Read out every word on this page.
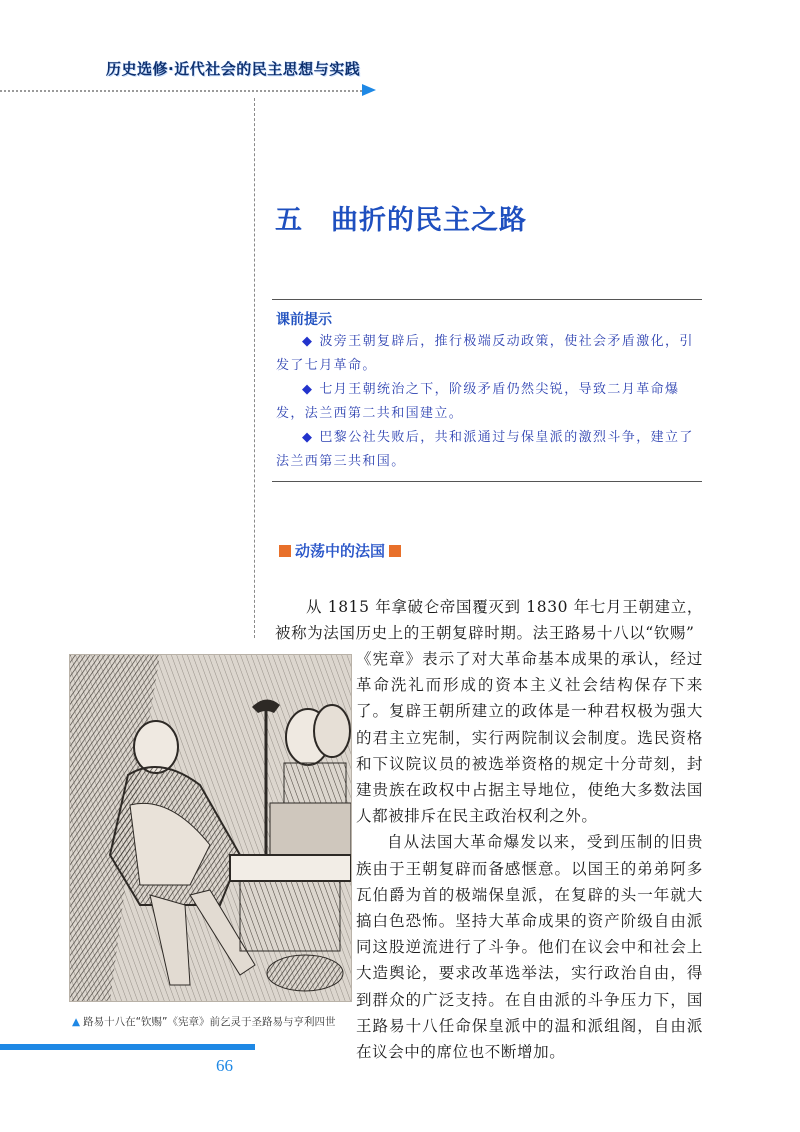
历史选修·近代社会的民主思想与实践
五　曲折的民主之路
课前提示

◆ 波旁王朝复辟后，推行极端反动政策，使社会矛盾激化，引发了七月革命。

◆ 七月王朝统治之下，阶级矛盾仍然尖锐，导致二月革命爆发，法兰西第二共和国建立。

◆ 巴黎公社失败后，共和派通过与保皇派的激烈斗争，建立了法兰西第三共和国。

动荡中的法国

从 1815 年拿破仑帝国覆灭到 1830 年七月王朝建立，被称为法国历史上的王朝复辟时期。法王路易十八以“钦赐”

《宪章》表示了对大革命基本成果的承认，经过革命洗礼而形成的资本主义社会结构保存下来了。复辟王朝所建立的政体是一种君权极为强大的君主立宪制，实行两院制议会制度。选民资格和下议院议员的被选举资格的规定十分苛刻，封建贵族在政权中占据主导地位，使绝大多数法国人都被排斥在民主政治权利之外。

自从法国大革命爆发以来，受到压制的旧贵族由于王朝复辟而备感惬意。以国王的弟弟阿多瓦伯爵为首的极端保皇派，在复辟的头一年就大搞白色恐怖。坚持大革命成果的资产阶级自由派同这股逆流进行了斗争。他们在议会中和社会上大造舆论，要求改革选举法，实行政治自由，得到群众的广泛支持。在自由派的斗争压力下，国王路易十八任命保皇派中的温和派组阁，自由派在议会中的席位也不断增加。

▲ 路易十八在“钦赐”《宪章》前乞灵于圣路易与亨利四世
66
